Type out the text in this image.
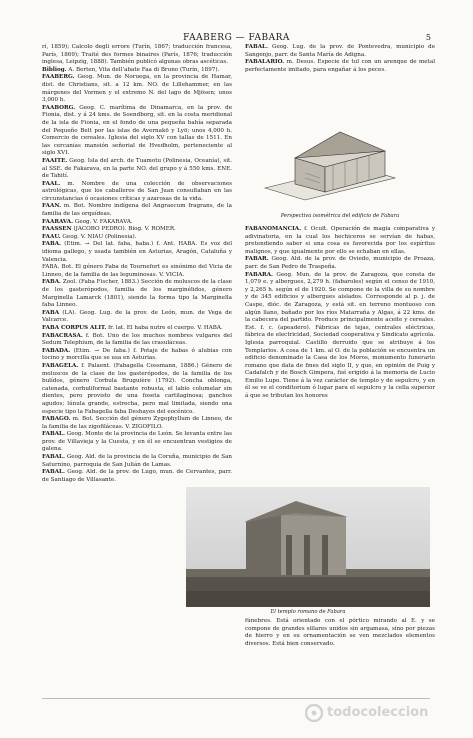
FAABERG — FABARA	5

rí, 1859); Calcolo degli errore (Turín, 1867; traducción francesa, París, 1869); Traité des formes binaires (París, 1876; traducción inglesa, Leipzig, 1888). También publicó algunas obras ascéticas.

Bibliog. A. Berten, Vita dell’abate Faa di Bruno (Turín, 1897).

FAABERG. Geog. Mun. de Noruega, en la provincia de Hamar, dist. de Christians, sit. a 12 km. NO. de Lillehammer, en las márgenes del Vormen y el extremo N. del lago de Mjösen; unos 3,000 h.

FAABORG. Geog. C. marítima de Dinamarca, en la prov. de Fionia, dist. y á 24 kms. de Soendborg, sit. en la costa meridional de la isla de Fionia, en el fondo de una pequeña bahía separada del Pequeño Belt por las islas de Avernakö y Lyö; unos 4,000 h. Comercio de cereales. Iglesia del siglo XV con tallas de 1511. En las cercanías mansión señorial de Hvedholm, perteneciente al siglo XVI.

FAAITE. Geog. Isla del arch. de Tuamotu (Polinesia, Oceanía), sit. al SSE. de Fakarava, en la parte NO. del grupo y á 550 kms. ENE. de Tahití.

FAAL. m. Nombre de una colección de observaciones astrológicas, que los caballeros de San Juan consultaban en las circunstancias ó ocasiones críticas y azarosas de la vida.

FAAN. m. Bot. Nombre indígena del Angraecum fragrans, de la familia de las orquídeas.

FAARAVA. Geog. V. FAKARAVA.

FAASSEN (JACOBO PEDRO). Biog. V. ROMER.

FAAU. Geog. V. NIAU (Polinesia).

FABA. (Etim. → Del lat. faba, haba.) f. Ant. HABA. Es voz del idioma gallego, y usada también en Asturias, Aragón, Cataluña y Valencia.

FABA. Bot. El género Faba de Tournefort es sinónimo del Vicia de Linneo, de la familia de las leguminosas. V. VICIA.

FABA. Zool. (Faba Fischer, 1883.) Sección de moluscos de la clase de los gasterópodos, familia de los marginélidos, género Marginella Lamarck (1801), siendo la forma tipo la Marginella faba Linneo.

FABA (LA). Geog. Lug. de la prov. de León, mun. de Vega de Valcarce.

FABA CORPUS ALIT. fr. lat. El haba nutre el cuerpo. V. HABA.

FABACRASA. f. Bot. Uno de los muchos nombres vulgares del Sedum Telephium, de la familia de las crasuláceas.

FABADA. (Etim. → De faba.) f. Potaje de habas ó alubias con tocino y morcilla que se usa en Asturias.

FABAGELA. f. Palaent. (Fabagella Cossmann, 1886.) Género de moluscos de la clase de los gasterópodos, de la familia de los bulídos, género Corbula Bruguière (1792). Concha oblonga, catenada, corbuliformal bastante robusta, el labio columelar sin dientes, pero provisto de una foseta cartilaginosa; ganchos agudos; lúnula grande, estrecha, pero mal limitada, siendo una especie tipo la Fabagella faba Deshayes del eocénico.

FABAGO. m. Bot. Sección del género Zygophyllum de Linneo, de la familia de las zigofiláceas. V. ZIGOFILO.

FABAL. Geog. Monte de la provincia de León. Se levanta entre las prov. de Villavieja y la Cuesta, y en él se encuentran vestigios de galena.

FABAL. Geog. Ald. de la provincia de la Coruña, municipio de San Saturnino, parroquia de San Julián de Lamas.

FABAL. Geog. Ald. de la prov. de Lugo, mun. de Cervantes, parr. de Santiago de Villasante.

FABAL. Geog. Lug. de la prov. de Pontevedra, municipio de Sangenjo, parr. de Santa María de Adigna.

FABALARIO. m. Desus. Especie de tul con un arenque de metal perfectamente imitado, para engañar á los peces.

Perspectiva isométrica del edificio de Fabara

FABANOMANCIA. f. Ocult. Operación de magia comparativa y adivinatoria, en la cual los hechiceros se servían de habas, pretendiendo saber si una cosa es favorecida por los espíritus malignos, y que igualmente por ello se echaban en ellas.

FABAR. Geog. Ald. de la prov. de Oviedo, municipio de Proaza, parr. de San Pedro de Traspeña.

FABARA. Geog. Mun. de la prov. de Zaragoza, que consta de 1,079 e. y albergues, 2,279 h. (fabaroles) según el censo de 1910, y 2,265 h. según el de 1920. Se compone de la villa de su nombre y de 345 edificios y albergues aislados. Corresponde al p. j. de Caspe, dióc. de Zaragoza, y está sit. en terreno montuoso con algún llano, bañado por los ríos Matarraña y Algas, á 22 kms. de la cabecera del partido. Produce principalmente aceite y cereales. Est. f. c. (apeadero). Fábricas de tejas, centrales eléctricas, fábrica de electricidad, Sociedad cooperativa y Sindicato agrícola. Iglesia parroquial. Castillo derruido que se atribuye á los Templarios. A cosa de 1 km. al O. de la población se encuentra un edificio denominado la Casa de los Moros, monumento funerario romano que data de fines del siglo II, y que, en opinión de Puig y Cadafalch y de Bosch Gimpera, fué erigido á la memoria de Lucio Emilio Lupo. Tiene á la vez carácter de templo y de sepulcro, y en él se ve el conditorium ó lugar para el sepulcro y la cella superior á que se tributan los honores

El templo romano de Fabara

fúnebres. Está orientado con el pórtico mirando al E. y se compone de grandes sillares unidos sin argamasa, sino por piezas de hierro y en su ornamentación se ven mezclados elementos diversos. Está bien conservado.

todocoleccion
